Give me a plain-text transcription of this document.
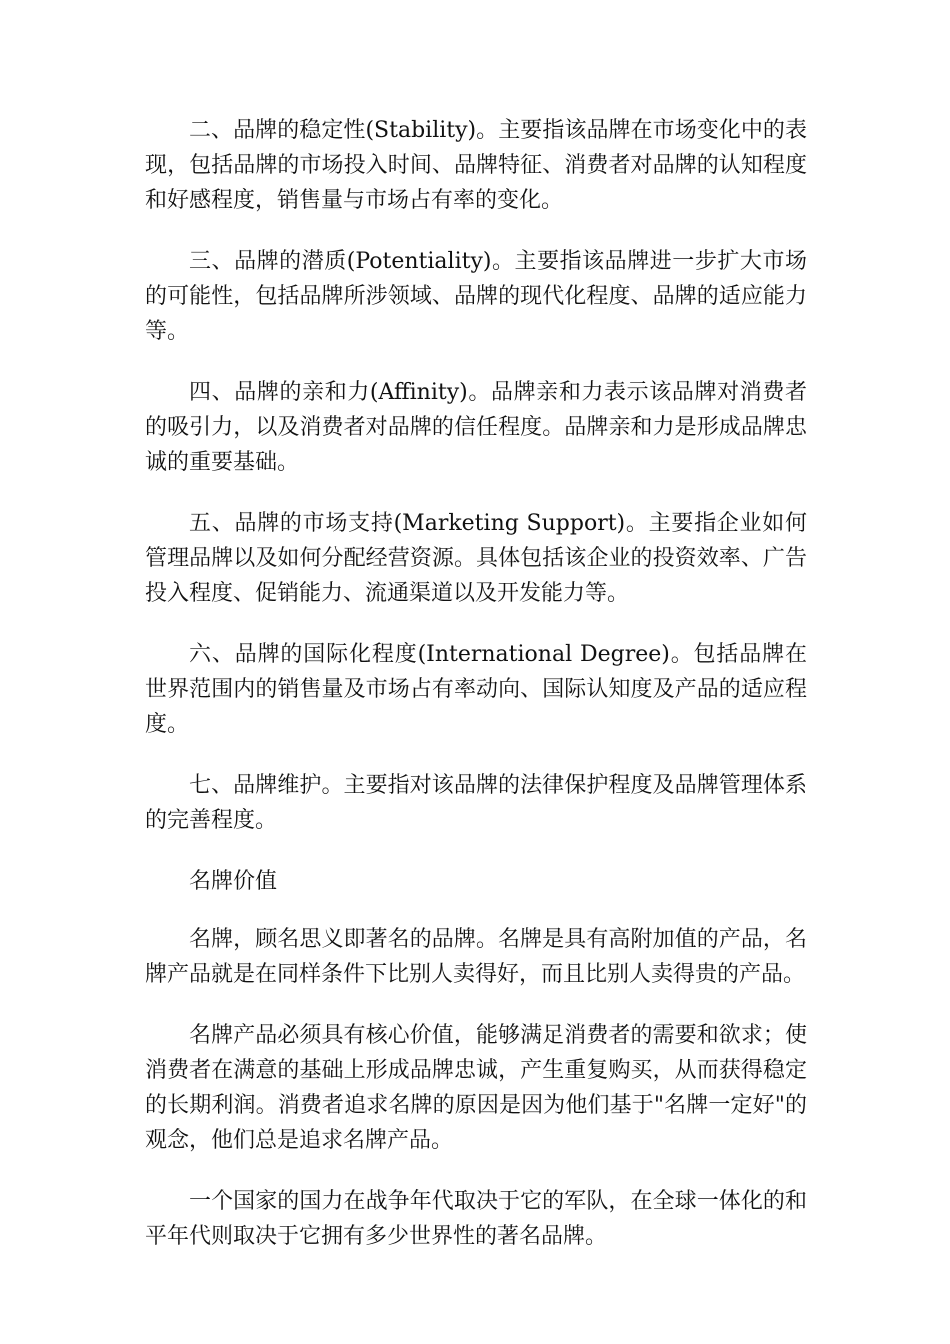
二、品牌的稳定性(Stability)。主要指该品牌在市场变化中的表现，包括品牌的市场投入时间、品牌特征、消费者对品牌的认知程度和好感程度，销售量与市场占有率的变化。

三、品牌的潜质(Potentiality)。主要指该品牌进一步扩大市场的可能性，包括品牌所涉领域、品牌的现代化程度、品牌的适应能力等。

四、品牌的亲和力(Affinity)。品牌亲和力表示该品牌对消费者的吸引力，以及消费者对品牌的信任程度。品牌亲和力是形成品牌忠诚的重要基础。

五、品牌的市场支持(Marketing Support)。主要指企业如何管理品牌以及如何分配经营资源。具体包括该企业的投资效率、广告投入程度、促销能力、流通渠道以及开发能力等。

六、品牌的国际化程度(International Degree)。包括品牌在世界范围内的销售量及市场占有率动向、国际认知度及产品的适应程度。

七、品牌维护。主要指对该品牌的法律保护程度及品牌管理体系的完善程度。

名牌价值

名牌，顾名思义即著名的品牌。名牌是具有高附加值的产品，名牌产品就是在同样条件下比别人卖得好，而且比别人卖得贵的产品。

名牌产品必须具有核心价值，能够满足消费者的需要和欲求；使消费者在满意的基础上形成品牌忠诚，产生重复购买，从而获得稳定的长期利润。消费者追求名牌的原因是因为他们基于"名牌一定好"的观念，他们总是追求名牌产品。

一个国家的国力在战争年代取决于它的军队，在全球一体化的和平年代则取决于它拥有多少世界性的著名品牌。
